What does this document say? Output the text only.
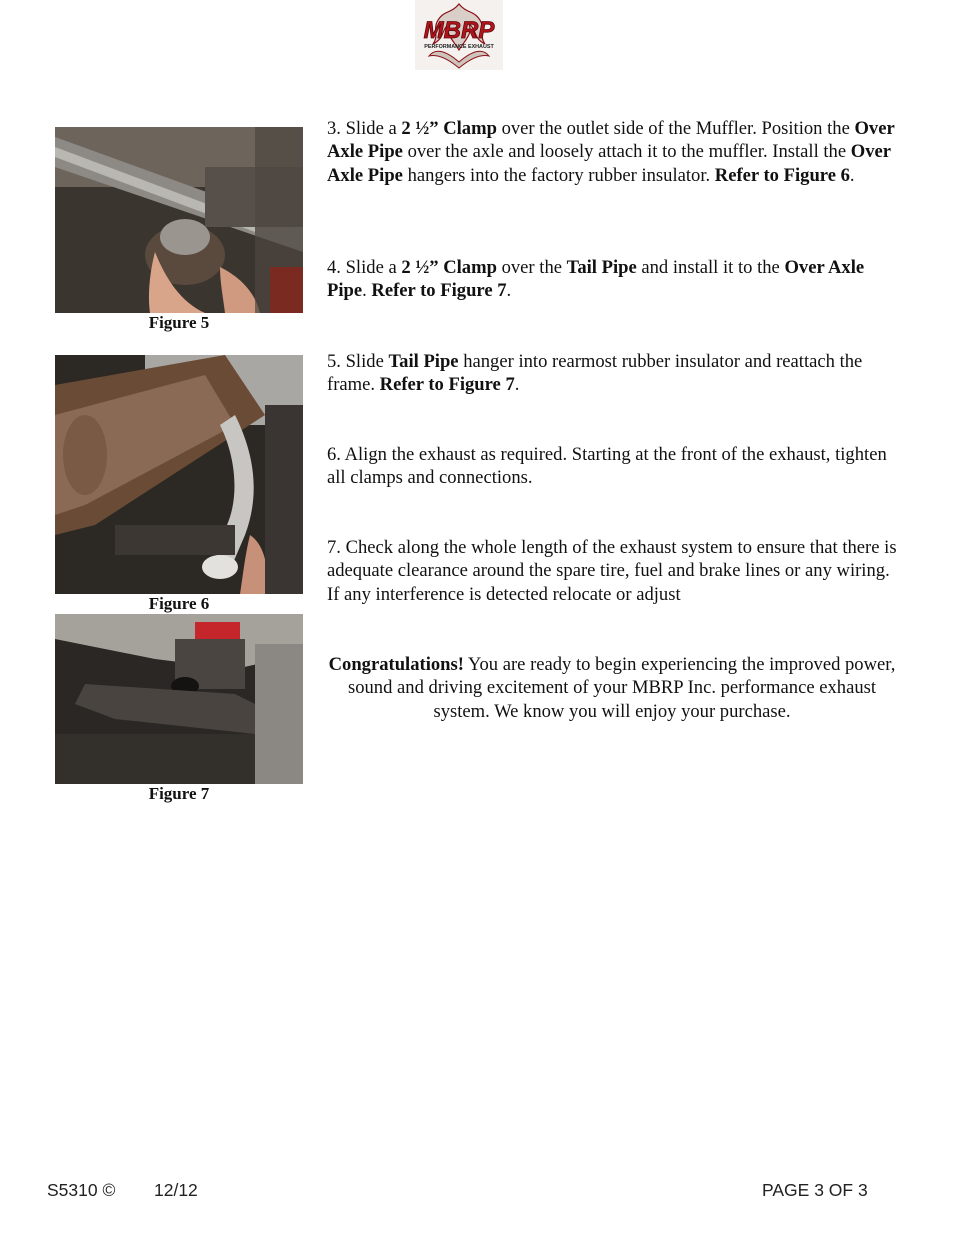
MBRP
PERFORMANCE EXHAUST
Figure 5
Figure 6
Figure 7

3. Slide a 2 ½” Clamp over the outlet side of the Muffler. Position the Over Axle Pipe over the axle and loosely attach it to the muffler. Install the Over Axle Pipe hangers into the factory rubber insulator. Refer to Figure 6.

4. Slide a 2 ½” Clamp over the Tail Pipe and install it to the Over Axle Pipe. Refer to Figure 7.

5. Slide Tail Pipe hanger into rearmost rubber insulator and reattach the frame. Refer to Figure 7.

6. Align the exhaust as required. Starting at the front of the exhaust, tighten all clamps and connections.

7. Check along the whole length of the exhaust system to ensure that there is adequate clearance around the spare tire, fuel and brake lines or any wiring. If any interference is detected relocate or adjust

Congratulations! You are ready to begin experiencing the improved power, sound and driving excitement of your MBRP Inc. performance exhaust system. We know you will enjoy your purchase.

S5310 © 12/12	PAGE 3 OF 3
